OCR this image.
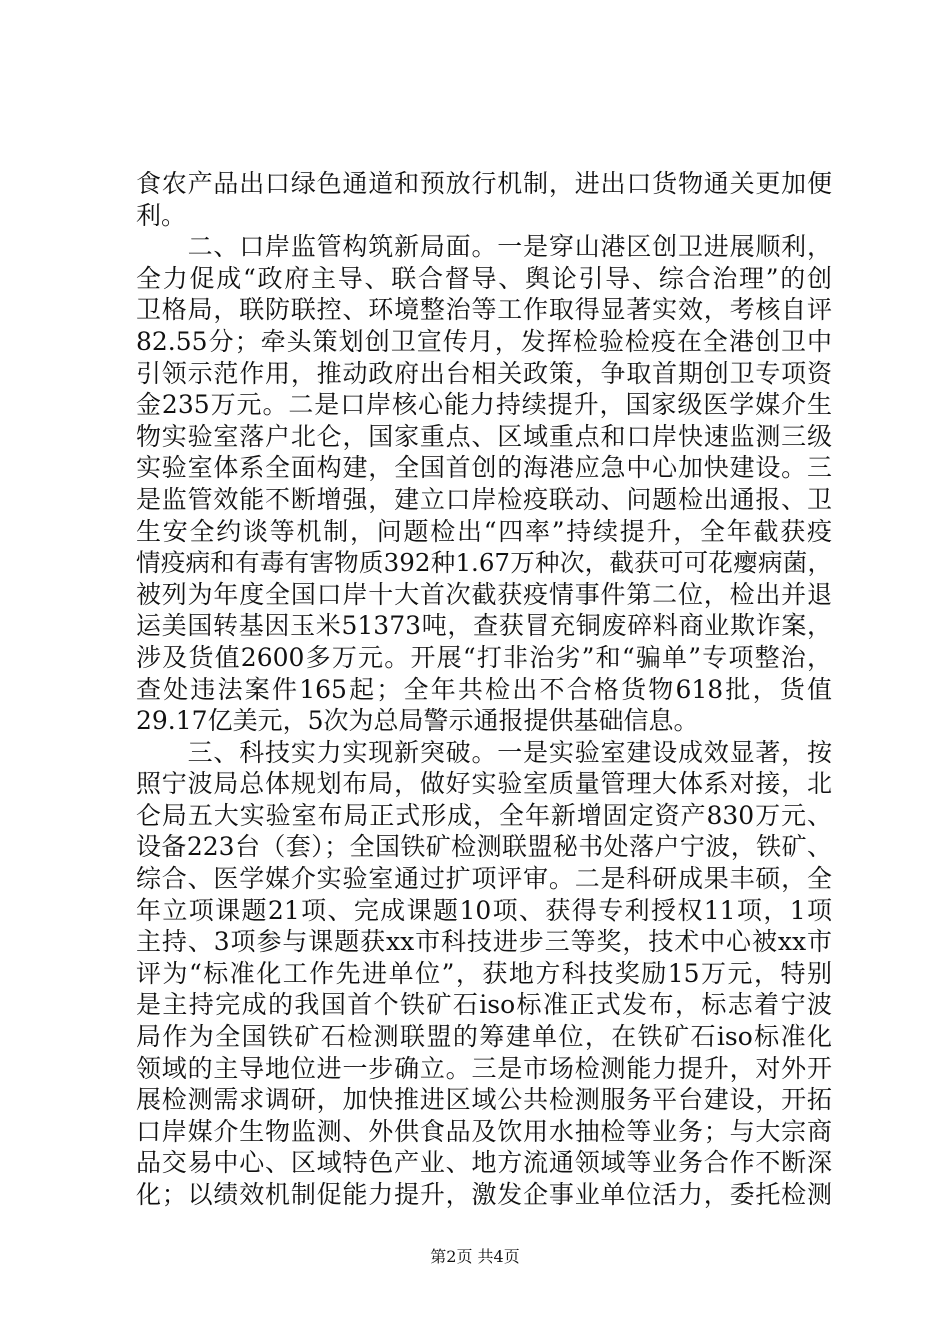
食农产品出口绿色通道和预放行机制，进出口货物通关更加便
利。
　　二、口岸监管构筑新局面。一是穿山港区创卫进展顺利，
全力促成“政府主导、联合督导、舆论引导、综合治理”的创
卫格局，联防联控、环境整治等工作取得显著实效，考核自评
82.55分；牵头策划创卫宣传月，发挥检验检疫在全港创卫中
引领示范作用，推动政府出台相关政策，争取首期创卫专项资
金235万元。二是口岸核心能力持续提升，国家级医学媒介生
物实验室落户北仑，国家重点、区域重点和口岸快速监测三级
实验室体系全面构建，全国首创的海港应急中心加快建设。三
是监管效能不断增强，建立口岸检疫联动、问题检出通报、卫
生安全约谈等机制，问题检出“四率”持续提升，全年截获疫
情疫病和有毒有害物质392种1.67万种次，截获可可花瘿病菌，
被列为年度全国口岸十大首次截获疫情事件第二位，检出并退
运美国转基因玉米51373吨，查获冒充铜废碎料商业欺诈案，
涉及货值2600多万元。开展“打非治劣”和“骗单”专项整治，
查处违法案件165起；全年共检出不合格货物618批，货值
29.17亿美元，5次为总局警示通报提供基础信息。
　　三、科技实力实现新突破。一是实验室建设成效显著，按
照宁波局总体规划布局，做好实验室质量管理大体系对接，北
仑局五大实验室布局正式形成，全年新增固定资产830万元、
设备223台（套）；全国铁矿检测联盟秘书处落户宁波，铁矿、
综合、医学媒介实验室通过扩项评审。二是科研成果丰硕，全
年立项课题21项、完成课题10项、获得专利授权11项，1项
主持、3项参与课题获xx市科技进步三等奖，技术中心被xx市
评为“标准化工作先进单位”，获地方科技奖励15万元，特别
是主持完成的我国首个铁矿石iso标准正式发布，标志着宁波
局作为全国铁矿石检测联盟的筹建单位，在铁矿石iso标准化
领域的主导地位进一步确立。三是市场检测能力提升，对外开
展检测需求调研，加快推进区域公共检测服务平台建设，开拓
口岸媒介生物监测、外供食品及饮用水抽检等业务；与大宗商
品交易中心、区域特色产业、地方流通领域等业务合作不断深
化；以绩效机制促能力提升，激发企事业单位活力，委托检测
第2页 共4页
